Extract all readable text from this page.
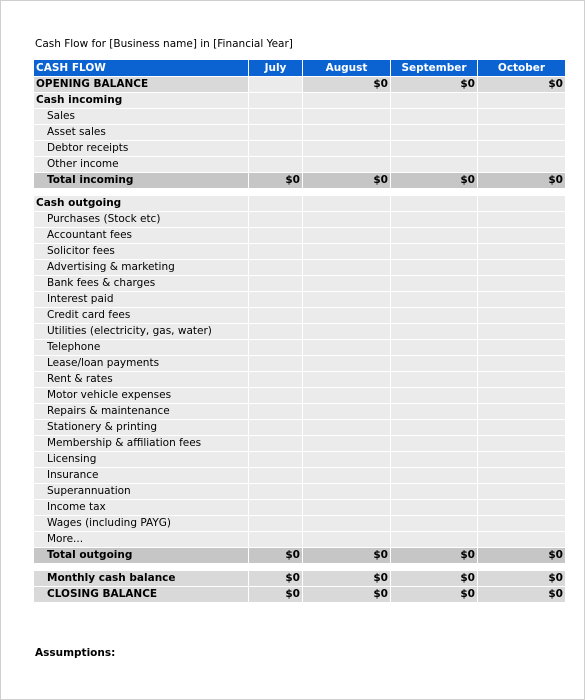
Cash Flow for [Business name] in [Financial Year]
CASH FLOW	July	August	September	October
OPENING BALANCE		$0	$0	$0
Cash incoming				
Sales				
Asset sales				
Debtor receipts				
Other income				
Total incoming	$0	$0	$0	$0

Cash outgoing				
Purchases (Stock etc)				
Accountant fees				
Solicitor fees				
Advertising & marketing				
Bank fees & charges				
Interest paid				
Credit card fees				
Utilities (electricity, gas, water)				
Telephone				
Lease/loan payments				
Rent & rates				
Motor vehicle expenses				
Repairs & maintenance				
Stationery & printing				
Membership & affiliation fees				
Licensing				
Insurance				
Superannuation				
Income tax				
Wages (including PAYG)				
More...				
Total outgoing	$0	$0	$0	$0

Monthly cash balance	$0	$0	$0	$0
CLOSING BALANCE	$0	$0	$0	$0
Assumptions:
